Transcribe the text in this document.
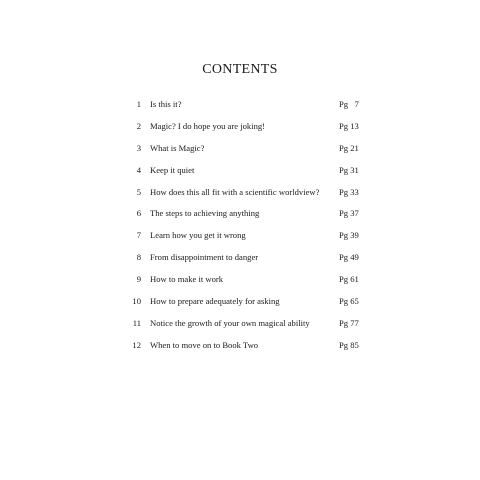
CONTENTS
1 Is this it?	Pg   7
2 Magic? I do hope you are joking!	Pg 13
3 What is Magic?	Pg 21
4 Keep it quiet	Pg 31
5 How does this all fit with a scientific worldview? Pg 33
6 The steps to achieving anything	Pg 37
7 Learn how you get it wrong	Pg 39
8 From disappointment to danger	Pg 49
9 How to make it work	Pg 61
10 How to prepare adequately for asking	Pg 65
11 Notice the growth of your own magical ability	Pg 77
12 When to move on to Book Two	Pg 85
